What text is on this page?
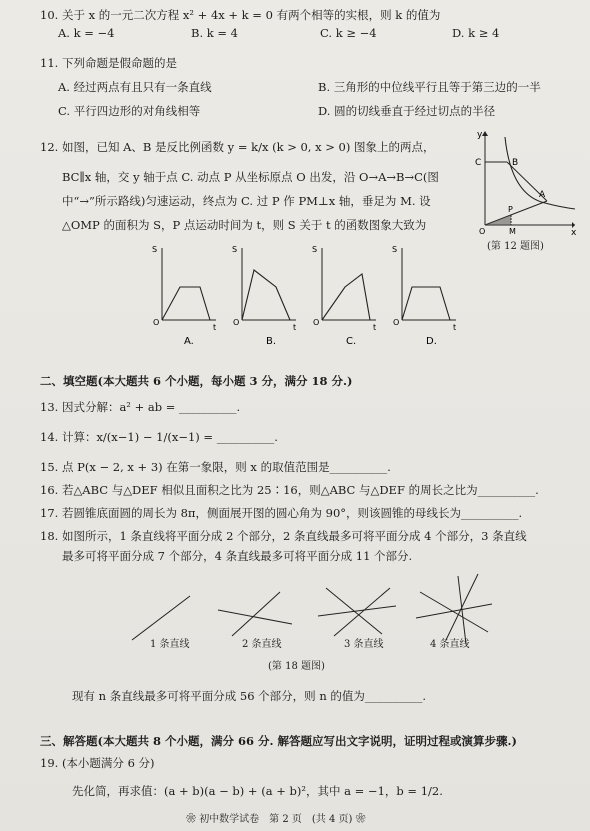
10. 关于 x 的一元二次方程 x² + 4x + k = 0 有两个相等的实根，则 k 的值为
A. k = −4	B. k = 4	C. k ≥ −4	D. k ≥ 4
11. 下列命题是假命题的是
A. 经过两点有且只有一条直线	B. 三角形的中位线平行且等于第三边的一半
C. 平行四边形的对角线相等	D. 圆的切线垂直于经过切点的半径
12. 如图，已知 A、B 是反比例函数 y = k/x (k > 0, x > 0) 图象上的两点，
BC∥x 轴，交 y 轴于点 C. 动点 P 从坐标原点 O 出发，沿 O→A→B→C(图
中“→”所示路线)匀速运动，终点为 C. 过 P 作 PM⊥x 轴，垂足为 M. 设
△OMP 的面积为 S，P 点运动时间为 t，则 S 关于 t 的函数图象大致为
y
x
C	B
A
P
O	M
(第 12 题图)
S
O
t
S
O
t
S
O
t
S
O
t
A.	B.	C.	D.
二、填空题(本大题共 6 个小题，每小题 3 分，满分 18 分.)
13. 因式分解：a² + ab = __________.
14. 计算：x/(x−1) − 1/(x−1) = __________.
15. 点 P(x − 2, x + 3) 在第一象限，则 x 的取值范围是__________.
16. 若△ABC 与△DEF 相似且面积之比为 25∶16，则△ABC 与△DEF 的周长之比为__________.
17. 若圆锥底面圆的周长为 8π，侧面展开图的圆心角为 90°，则该圆锥的母线长为__________.
18. 如图所示，1 条直线将平面分成 2 个部分，2 条直线最多可将平面分成 4 个部分，3 条直线
最多可将平面分成 7 个部分，4 条直线最多可将平面分成 11 个部分.
1 条直线	2 条直线	3 条直线	4 条直线
(第 18 题图)
现有 n 条直线最多可将平面分成 56 个部分，则 n 的值为__________.
三、解答题(本大题共 8 个小题，满分 66 分. 解答题应写出文字说明，证明过程或演算步骤.)
19. (本小题满分 6 分)
先化简，再求值：(a + b)(a − b) + (a + b)²，其中 a = −1，b = 1/2.
❀ 初中数学试卷　第 2 页　(共 4 页) ❀
